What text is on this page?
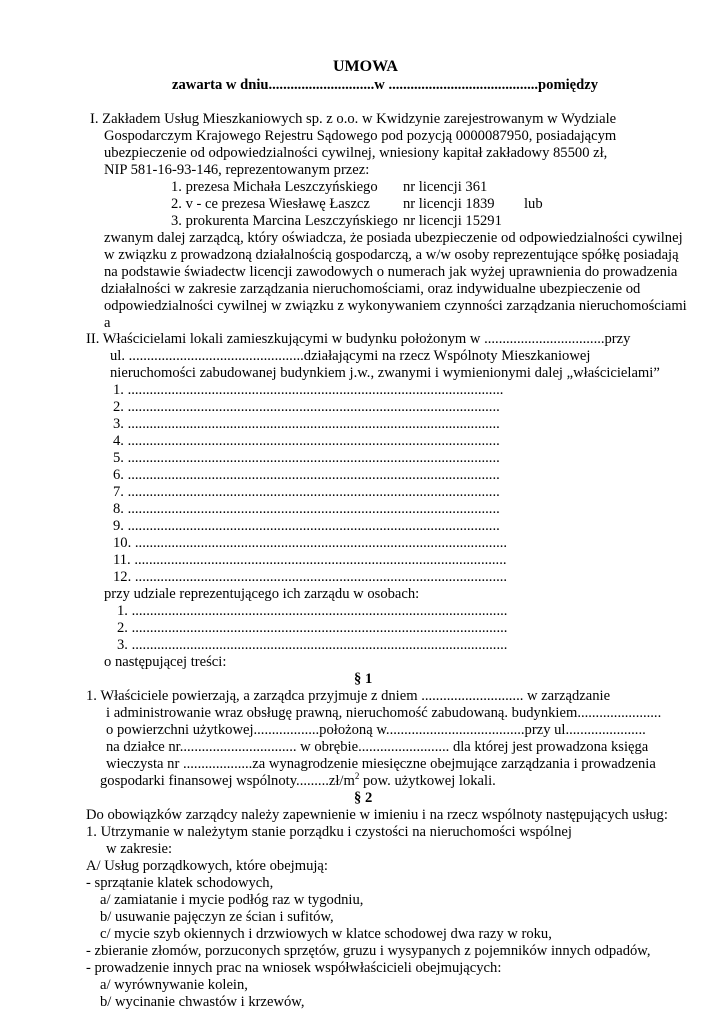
UMOWA
zawarta w dniu.............................w .........................................pomiędzy
I. Zakładem Usług Mieszkaniowych sp. z o.o. w Kwidzynie zarejestrowanym w Wydziale
Gospodarczym Krajowego Rejestru Sądowego pod pozycją 0000087950, posiadającym
ubezpieczenie od odpowiedzialności cywilnej, wniesiony kapitał zakładowy 85500 zł,
NIP 581-16-93-146, reprezentowanym przez:
1. prezesa Michała Leszczyńskiego nr licencji 361
2. v - ce prezesa Wiesławę Łaszcz nr licencji 1839 lub
3. prokurenta Marcina Leszczyńskiego nr licencji 15291
zwanym dalej zarządcą, który oświadcza, że posiada ubezpieczenie od odpowiedzialności cywilnej
w związku z prowadzoną działalnością gospodarczą, a w/w osoby reprezentujące spółkę posiadają
na podstawie świadectw licencji zawodowych o numerach jak wyżej uprawnienia do prowadzenia
działalności w zakresie zarządzania nieruchomościami, oraz indywidualne ubezpieczenie od
odpowiedzialności cywilnej w związku z wykonywaniem czynności zarządzania nieruchomościami
a
II. Właścicielami lokali zamieszkującymi w budynku położonym w .................................przy
ul. ................................................działającymi na rzecz Wspólnoty Mieszkaniowej
nieruchomości zabudowanej budynkiem j.w., zwanymi i wymienionymi dalej „właścicielami”
1. .......................................................................................................
2. ......................................................................................................
3. ......................................................................................................
4. ......................................................................................................
5. ......................................................................................................
6. ......................................................................................................
7. ......................................................................................................
8. ......................................................................................................
9. ......................................................................................................
10. ......................................................................................................
11. ......................................................................................................
12. ......................................................................................................
przy udziale reprezentującego ich zarządu w osobach:
1. .......................................................................................................
2. .......................................................................................................
3. .......................................................................................................
o następującej treści:
§ 1
1. Właściciele powierzają, a zarządca przyjmuje z dniem ............................ w zarządzanie
i administrowanie wraz obsługę prawną, nieruchomość zabudowaną. budynkiem.......................
o powierzchni użytkowej..................położoną w......................................przy ul......................
na działce nr................................ w obrębie......................... dla której jest prowadzona księga
wieczysta nr ...................za wynagrodzenie miesięczne obejmujące zarządzania i prowadzenia
gospodarki finansowej $wspólnoty.........zł/m^2$ pow. użytkowej lokali.
§ 2
Do obowiązków zarządcy należy zapewnienie w imieniu i na rzecz wspólnoty następujących usług:
1. Utrzymanie w należytym stanie porządku i czystości na nieruchomości wspólnej
w zakresie:
A/ Usług porządkowych, które obejmują:
- sprzątanie klatek schodowych,
a/ zamiatanie i mycie podłóg raz w tygodniu,
b/ usuwanie pajęczyn ze ścian i sufitów,
c/ mycie szyb okiennych i drzwiowych w klatce schodowej dwa razy w roku,
- zbieranie złomów, porzuconych sprzętów, gruzu i wysypanych z pojemników innych odpadów,
- prowadzenie innych prac na wniosek współwłaścicieli obejmujących:
a/ wyrównywanie kolein,
b/ wycinanie chwastów i krzewów,
